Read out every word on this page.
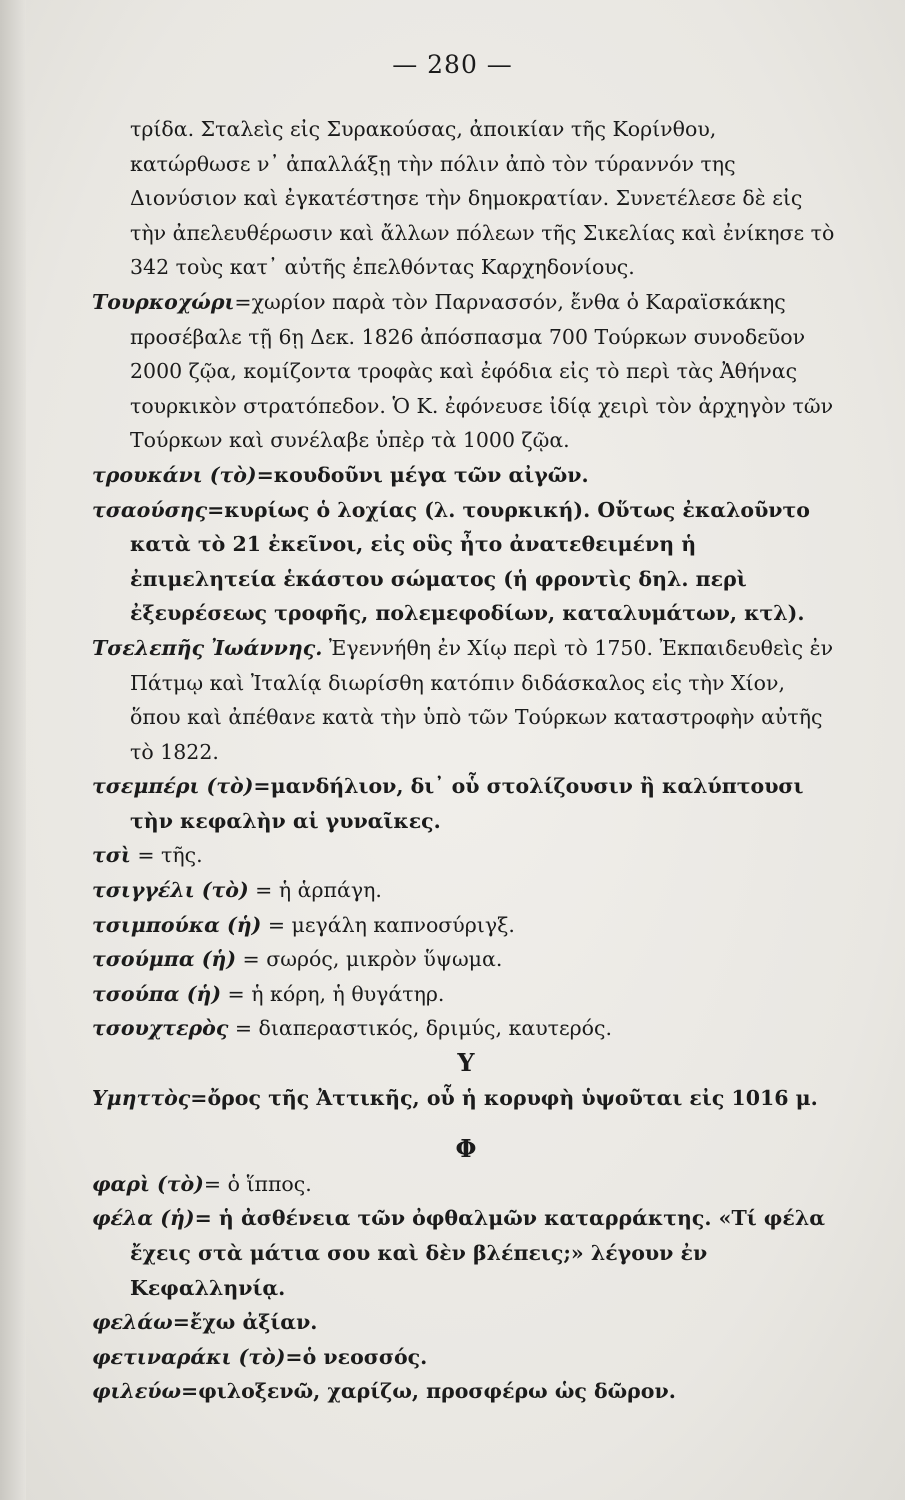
— 280 —
τρίδα. Σταλεὶς εἰς Συρακούσας, ἀποικίαν τῆς Κορίνθου, κατώρθωσε ν᾽ ἀπαλλάξῃ τὴν πόλιν ἀπὸ τὸν τύραννόν της Διονύσιον καὶ ἐγκατέστησε τὴν δημοκρατίαν. Συνετέλεσε δὲ εἰς τὴν ἀπελευθέρωσιν καὶ ἄλλων πόλεων τῆς Σικελίας καὶ ἐνίκησε τὸ 342 τοὺς κατ᾽ αὐτῆς ἐπελθόντας Καρχηδονίους.
Τουρκοχώρι=χωρίον παρὰ τὸν Παρνασσόν, ἔνθα ὁ Καραϊσκάκης προσέβαλε τῇ 6ῃ Δεκ. 1826 ἀπόσπασμα 700 Τούρκων συνοδεῦον 2000 ζῷα, κομίζοντα τροφὰς καὶ ἐφόδια εἰς τὸ περὶ τὰς Ἀθήνας τουρκικὸν στρατόπεδον. Ὁ Κ. ἐφόνευσε ἰδίᾳ χειρὶ τὸν ἀρχηγὸν τῶν Τούρκων καὶ συνέλαβε ὑπὲρ τὰ 1000 ζῷα.
τρουκάνι (τὸ)=κουδοῦνι μέγα τῶν αἰγῶν.
τσαούσης=κυρίως ὁ λοχίας (λ. τουρκική). Οὕτως ἐκαλοῦντο κατὰ τὸ 21 ἐκεῖνοι, εἰς οὓς ἦτο ἀνατεθειμένη ἡ ἐπιμελητεία ἑκάστου σώματος (ἡ φροντὶς δηλ. περὶ ἐξευρέσεως τροφῆς, πολεμεφοδίων, καταλυμάτων, κτλ).
Τσελεπῆς Ἰωάννης. Ἐγεννήθη ἐν Χίῳ περὶ τὸ 1750. Ἐκπαιδευθεὶς ἐν Πάτμῳ καὶ Ἰταλίᾳ διωρίσθη κατόπιν διδάσκαλος εἰς τὴν Χίον, ὅπου καὶ ἀπέθανε κατὰ τὴν ὑπὸ τῶν Τούρκων καταστροφὴν αὐτῆς τὸ 1822.
τσεμπέρι (τὸ)=μανδήλιον, δι᾽ οὗ στολίζουσιν ἢ καλύπτουσι τὴν κεφαλὴν αἱ γυναῖκες.
τσὶ = τῆς.
τσιγγέλι (τὸ) = ἡ ἁρπάγη.
τσιμπούκα (ἡ) = μεγάλη καπνοσύριγξ.
τσούμπα (ἡ) = σωρός, μικρὸν ὕψωμα.
τσούπα (ἡ) = ἡ κόρη, ἡ θυγάτηρ.
τσουχτερὸς = διαπεραστικός, δριμύς, καυτερός.
Υ
Υμηττὸς=ὄρος τῆς Ἀττικῆς, οὗ ἡ κορυφὴ ὑψοῦται εἰς 1016 μ.
Φ
φαρὶ (τὸ)= ὁ ἵππος.
φέλα (ἡ)= ἡ ἀσθένεια τῶν ὀφθαλμῶν καταρράκτης. «Τί φέλα ἔχεις στὰ μάτια σου καὶ δὲν βλέπεις;» λέγουν ἐν Κεφαλληνίᾳ.
φελάω=ἔχω ἀξίαν.
φετιναράκι (τὸ)=ὁ νεοσσός.
φιλεύω=φιλοξενῶ, χαρίζω, προσφέρω ὡς δῶρον.
